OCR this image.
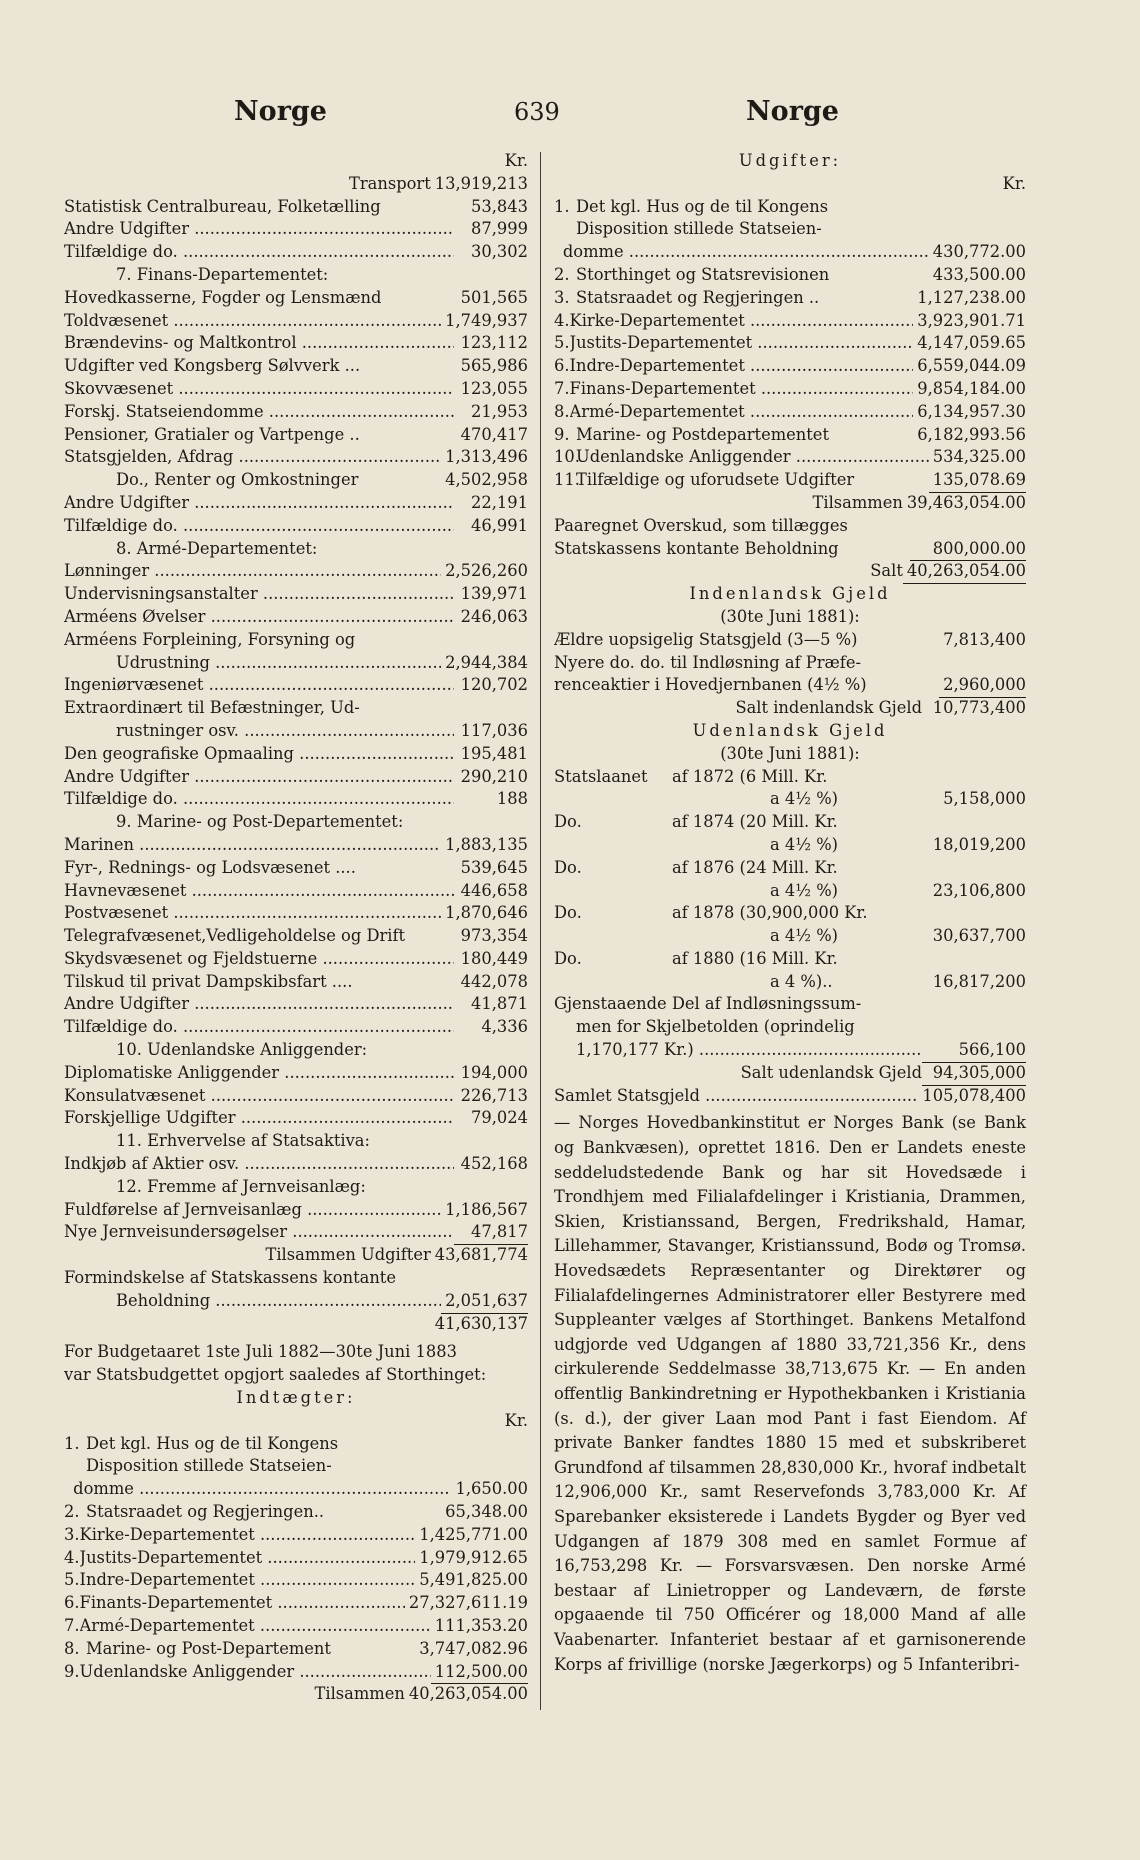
Norge	639	Norge
Kr.
Transport 13,919,213
Statistisk Centralbureau, Folketælling	53,843
Andre Udgifter .....	87,999
Tilfældige do. .....	30,302
7. Finans-Departementet:
Hovedkasserne, Fogder og Lensmænd	501,565
Toldvæsenet .....	1,749,937
Brændevins- og Maltkontrol .....	123,112
Udgifter ved Kongsberg Sølvverk ...	565,986
Skovvæsenet .....	123,055
Forskj. Statseiendomme .....	21,953
Pensioner, Gratialer og Vartpenge ..	470,417
Statsgjelden, Afdrag .....	1,313,496
Do., Renter og Omkostninger	4,502,958
Andre Udgifter .....	22,191
Tilfældige do. .....	46,991
8. Armé-Departementet:
Lønninger .....	2,526,260
Undervisningsanstalter .....	139,971
Arméens Øvelser .....	246,063
Arméens Forpleining, Forsyning og
Udrustning .....	2,944,384
Ingeniørvæsenet .....	120,702
Extraordinært til Befæstninger, Ud-
rustninger osv. .....	117,036
Den geografiske Opmaaling .....	195,481
Andre Udgifter .....	290,210
Tilfældige do. .....	188
9. Marine- og Post-Departementet:
Marinen .....	1,883,135
Fyr-, Rednings- og Lodsvæsenet ....	539,645
Havnevæsenet .....	446,658
Postvæsenet .....	1,870,646
Telegrafvæsenet,Vedligeholdelse og Drift	973,354
Skydsvæsenet og Fjeldstuerne .....	180,449
Tilskud til privat Dampskibsfart ....	442,078
Andre Udgifter .....	41,871
Tilfældige do. .....	4,336
10. Udenlandske Anliggender:
Diplomatiske Anliggender .....	194,000
Konsulatvæsenet .....	226,713
Forskjellige Udgifter .....	79,024
11. Erhvervelse af Statsaktiva:
Indkjøb af Aktier osv. .....	452,168
12. Fremme af Jernveisanlæg:
Fuldførelse af Jernveisanlæg .....	1,186,567
Nye Jernveisundersøgelser .....	47,817
Tilsammen Udgifter 43,681,774
Formindskelse af Statskassens kontante
Beholdning .....	2,051,637
41,630,137
For Budgetaaret 1ste Juli 1882—30te Juni 1883
var Statsbudgettet opgjort saaledes af Storthinget:
Indtægter:
Kr.
1. Det kgl. Hus og de til Kongens
Disposition stillede Statseien-
domme .....	1,650.00
2. Statsraadet og Regjeringen..	65,348.00
3. Kirke-Departementet .....	1,425,771.00
4. Justits-Departementet .....	1,979,912.65
5. Indre-Departementet .....	5,491,825.00
6. Finants-Departementet .....	27,327,611.19
7. Armé-Departementet .....	111,353.20
8. Marine- og Post-Departement	3,747,082.96
9. Udenlandske Anliggender .....	112,500.00
Tilsammen 40,263,054.00
Udgifter:
Kr.
1. Det kgl. Hus og de til Kongens
Disposition stillede Statseien-
domme .....	430,772.00
2. Storthinget og Statsrevisionen	433,500.00
3. Statsraadet og Regjeringen ..	1,127,238.00
4. Kirke-Departementet .....	3,923,901.71
5. Justits-Departementet .....	4,147,059.65
6. Indre-Departementet .....	6,559,044.09
7. Finans-Departementet .....	9,854,184.00
8. Armé-Departementet .....	6,134,957.30
9. Marine- og Postdepartementet	6,182,993.56
10.
Udenlandske Anliggender .....	534,325.00
11.
Tilfældige og uforudsete Udgifter	135,078.69
Tilsammen 39,463,054.00
Paaregnet Overskud, som tillægges
Statskassens kontante Beholdning	800,000.00
Salt 40,263,054.00
Indenlandsk Gjeld
(30te Juni 1881):
Ældre uopsigelig Statsgjeld (3—5 %)	7,813,400
Nyere do. do. til Indløsning af Præfe-
renceaktier i Hovedjernbanen (4½ %)	2,960,000
Salt indenlandsk Gjeld 10,773,400
Udenlandsk Gjeld
(30te Juni 1881):
Statslaanet	af 1872 (6 Mill. Kr.
a 4½ %)	5,158,000
Do.	af 1874 (20 Mill. Kr.
a 4½ %)	18,019,200
Do.	af 1876 (24 Mill. Kr.
a 4½ %)	23,106,800
Do.	af 1878 (30,900,000 Kr.
a 4½ %)	30,637,700
Do.	af 1880 (16 Mill. Kr.
a 4 %)..	16,817,200
Gjenstaaende Del af Indløsningssum-
men for Skjelbetolden (oprindelig
1,170,177 Kr.) .....	566,100
Salt udenlandsk Gjeld 94,305,000
Samlet Statsgjeld .....	105,078,400

— Norges Hovedbankinstitut er Norges Bank (se Bank og Bankvæsen), oprettet 1816. Den er Landets eneste seddeludstedende Bank og har sit Hovedsæde i Trondhjem med Filialafdelinger i Kristiania, Drammen, Skien, Kristianssand, Bergen, Fredrikshald, Hamar, Lillehammer, Stavanger, Kristianssund, Bodø og Tromsø. Hovedsædets Repræsentanter og Direktører og Filialafdelingernes Administratorer eller Bestyrere med Suppleanter vælges af Storthinget. Bankens Metalfond udgjorde ved Udgangen af 1880 33,721,356 Kr., dens cirkulerende Seddelmasse 38,713,675 Kr. — En anden offentlig Bankindretning er Hypothekbanken i Kristiania (s. d.), der giver Laan mod Pant i fast Eiendom. Af private Banker fandtes 1880 15 med et subskriberet Grundfond af tilsammen 28,830,000 Kr., hvoraf indbetalt 12,906,000 Kr., samt Reservefonds 3,783,000 Kr. Af Sparebanker eksisterede i Landets Bygder og Byer ved Udgangen af 1879 308 med en samlet Formue af 16,753,298 Kr. — Forsvarsvæsen. Den norske Armé bestaar af Linietropper og Landeværn, de første opgaaende til 750 Officérer og 18,000 Mand af alle Vaabenarter. Infanteriet bestaar af et garnisonerende Korps af frivillige (norske Jægerkorps) og 5 Infanteribri-
